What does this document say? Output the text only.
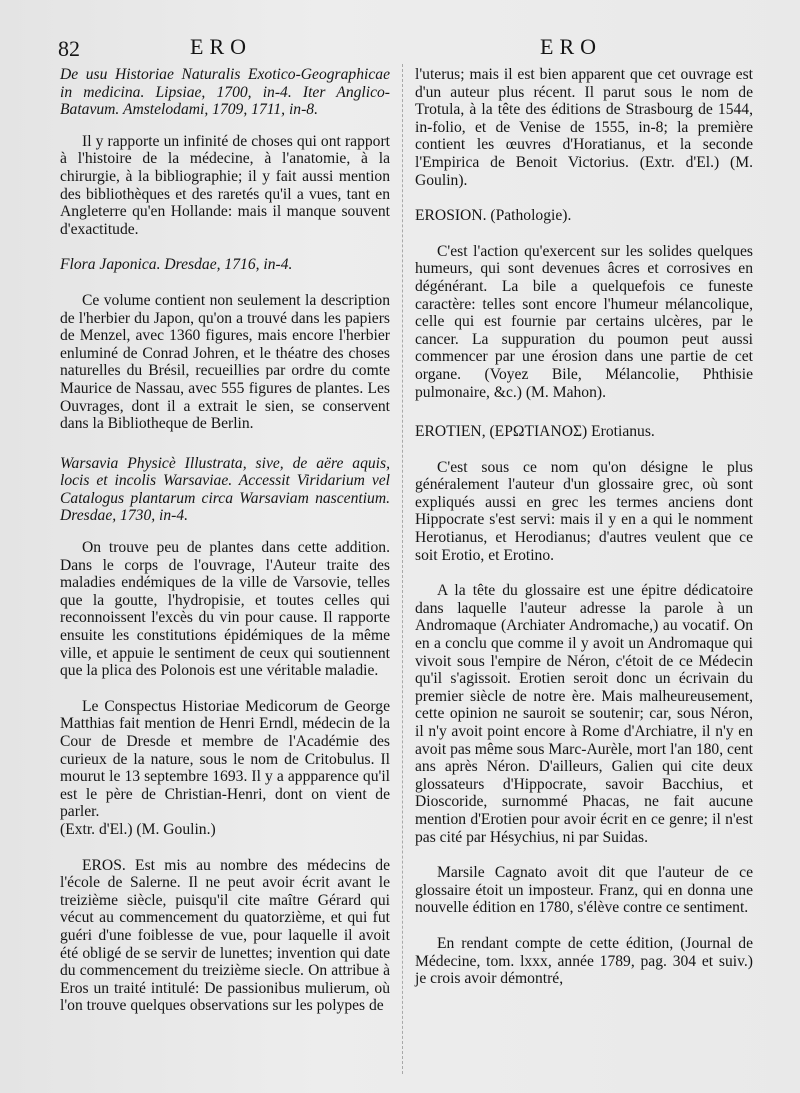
82	ERO	ERO

De usu Historiae Naturalis Exotico-Geographicae in medicina. Lipsiae, 1700, in-4. Iter Anglico-Batavum. Amstelodami, 1709, 1711, in-8.

Il y rapporte un infinité de choses qui ont rapport à l'histoire de la médecine, à l'anatomie, à la chirurgie, à la bibliographie; il y fait aussi mention des bibliothèques et des raretés qu'il a vues, tant en Angleterre qu'en Hollande: mais il manque souvent d'exactitude.

Flora Japonica. Dresdae, 1716, in-4.

Ce volume contient non seulement la description de l'herbier du Japon, qu'on a trouvé dans les papiers de Menzel, avec 1360 figures, mais encore l'herbier enluminé de Conrad Johren, et le théatre des choses naturelles du Brésil, recueillies par ordre du comte Maurice de Nassau, avec 555 figures de plantes. Les Ouvrages, dont il a extrait le sien, se conservent dans la Bibliotheque de Berlin.

Warsavia Physicè Illustrata, sive, de aëre aquis, locis et incolis Warsaviae. Accessit Viridarium vel Catalogus plantarum circa Warsaviam nascentium. Dresdae, 1730, in-4.

On trouve peu de plantes dans cette addition. Dans le corps de l'ouvrage, l'Auteur traite des maladies endémiques de la ville de Varsovie, telles que la goutte, l'hydropisie, et toutes celles qui reconnoissent l'excès du vin pour cause. Il rapporte ensuite les constitutions épidémiques de la même ville, et appuie le sentiment de ceux qui soutiennent que la plica des Polonois est une véritable maladie.

Le Conspectus Historiae Medicorum de George Matthias fait mention de Henri Erndl, médecin de la Cour de Dresde et membre de l'Académie des curieux de la nature, sous le nom de Critobulus. Il mourut le 13 septembre 1693. Il y a appparence qu'il est le père de Christian-Henri, dont on vient de parler.

(Extr. d'El.) (M. Goulin.)

EROS. Est mis au nombre des médecins de l'école de Salerne. Il ne peut avoir écrit avant le treizième siècle, puisqu'il cite maître Gérard qui vécut au commencement du quatorzième, et qui fut guéri d'une foiblesse de vue, pour laquelle il avoit été obligé de se servir de lunettes; invention qui date du commencement du treizième siecle. On attribue à Eros un traité intitulé: De passionibus mulierum, où l'on trouve quelques observations sur les polypes de

l'uterus; mais il est bien apparent que cet ouvrage est d'un auteur plus récent. Il parut sous le nom de Trotula, à la tête des éditions de Strasbourg de 1544, in-folio, et de Venise de 1555, in-8; la première contient les œuvres d'Horatianus, et la seconde l'Empirica de Benoit Victorius. (Extr. d'El.) (M. Goulin).

EROSION. (Pathologie).

C'est l'action qu'exercent sur les solides quelques humeurs, qui sont devenues âcres et corrosives en dégénérant. La bile a quelquefois ce funeste caractère: telles sont encore l'humeur mélancolique, celle qui est fournie par certains ulcères, par le cancer. La suppuration du poumon peut aussi commencer par une érosion dans une partie de cet organe. (Voyez Bile, Mélancolie, Phthisie pulmonaire, &c.) (M. Mahon).

EROTIEN, (ΕΡΩΤΙΑΝΟΣ) Erotianus.

C'est sous ce nom qu'on désigne le plus généralement l'auteur d'un glossaire grec, où sont expliqués aussi en grec les termes anciens dont Hippocrate s'est servi: mais il y en a qui le nomment Herotianus, et Herodianus; d'autres veulent que ce soit Erotio, et Erotino.

A la tête du glossaire est une épitre dédicatoire dans laquelle l'auteur adresse la parole à un Andromaque (Archiater Andromache,) au vocatif. On en a conclu que comme il y avoit un Andromaque qui vivoit sous l'empire de Néron, c'étoit de ce Médecin qu'il s'agissoit. Erotien seroit donc un écrivain du premier siècle de notre ère. Mais malheureusement, cette opinion ne sauroit se soutenir; car, sous Néron, il n'y avoit point encore à Rome d'Archiatre, il n'y en avoit pas même sous Marc-Aurèle, mort l'an 180, cent ans après Néron. D'ailleurs, Galien qui cite deux glossateurs d'Hippocrate, savoir Bacchius, et Dioscoride, surnommé Phacas, ne fait aucune mention d'Erotien pour avoir écrit en ce genre; il n'est pas cité par Hésychius, ni par Suidas.

Marsile Cagnato avoit dit que l'auteur de ce glossaire étoit un imposteur. Franz, qui en donna une nouvelle édition en 1780, s'élève contre ce sentiment.

En rendant compte de cette édition, (Journal de Médecine, tom. lxxx, année 1789, pag. 304 et suiv.) je crois avoir démontré,
